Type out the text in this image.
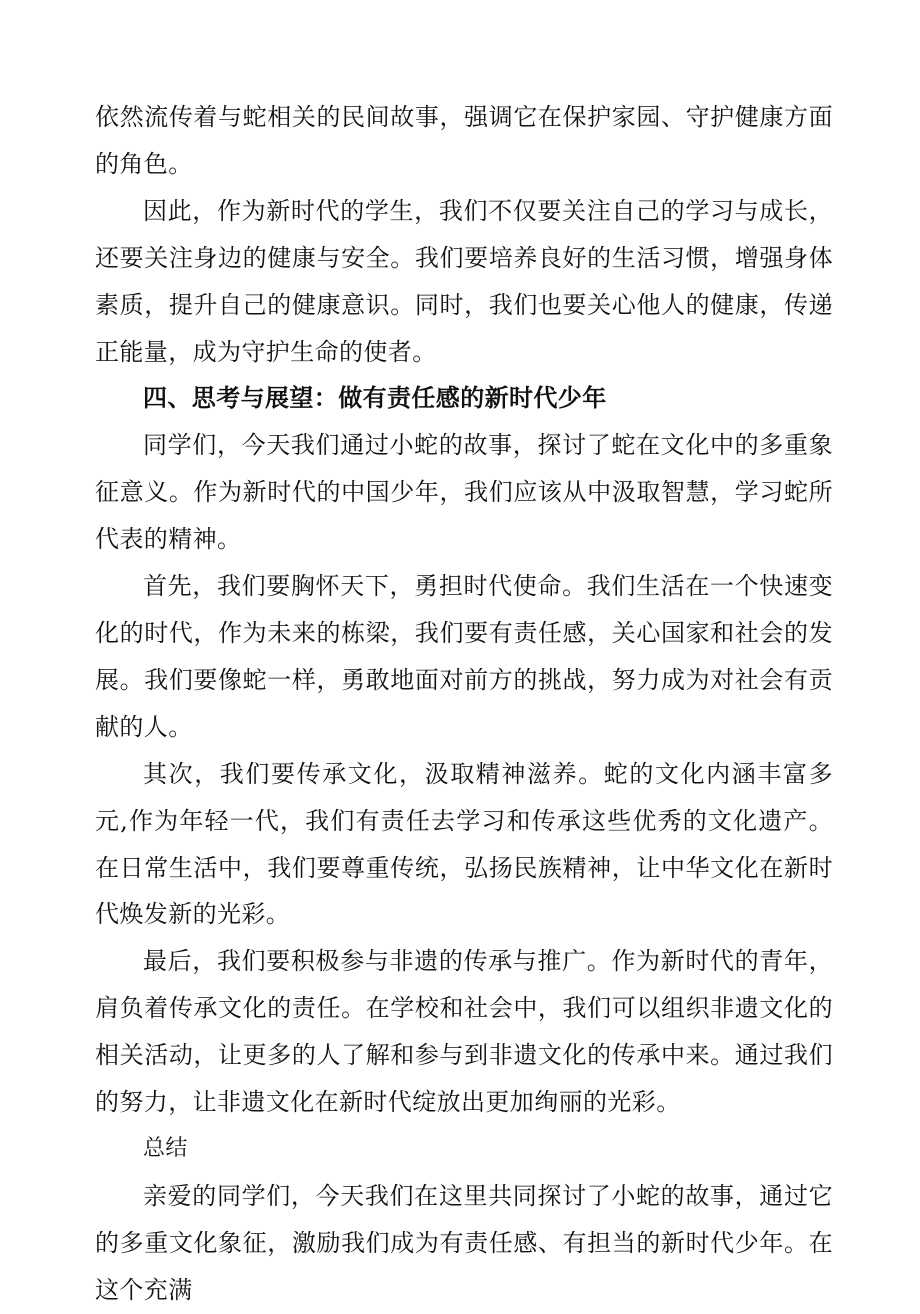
依然流传着与蛇相关的民间故事，强调它在保护家园、守护健康方面的角色。

因此，作为新时代的学生，我们不仅要关注自己的学习与成长，还要关注身边的健康与安全。我们要培养良好的生活习惯，增强身体素质，提升自己的健康意识。同时，我们也要关心他人的健康，传递正能量，成为守护生命的使者。

四、思考与展望：做有责任感的新时代少年

同学们，今天我们通过小蛇的故事，探讨了蛇在文化中的多重象征意义。作为新时代的中国少年，我们应该从中汲取智慧，学习蛇所代表的精神。

首先，我们要胸怀天下，勇担时代使命。我们生活在一个快速变化的时代，作为未来的栋梁，我们要有责任感，关心国家和社会的发展。我们要像蛇一样，勇敢地面对前方的挑战，努力成为对社会有贡献的人。

其次，我们要传承文化，汲取精神滋养。蛇的文化内涵丰富多元,作为年轻一代，我们有责任去学习和传承这些优秀的文化遗产。在日常生活中，我们要尊重传统，弘扬民族精神，让中华文化在新时代焕发新的光彩。

最后，我们要积极参与非遗的传承与推广。作为新时代的青年，肩负着传承文化的责任。在学校和社会中，我们可以组织非遗文化的相关活动，让更多的人了解和参与到非遗文化的传承中来。通过我们的努力，让非遗文化在新时代绽放出更加绚丽的光彩。

总结

亲爱的同学们，今天我们在这里共同探讨了小蛇的故事，通过它的多重文化象征，激励我们成为有责任感、有担当的新时代少年。在这个充满
